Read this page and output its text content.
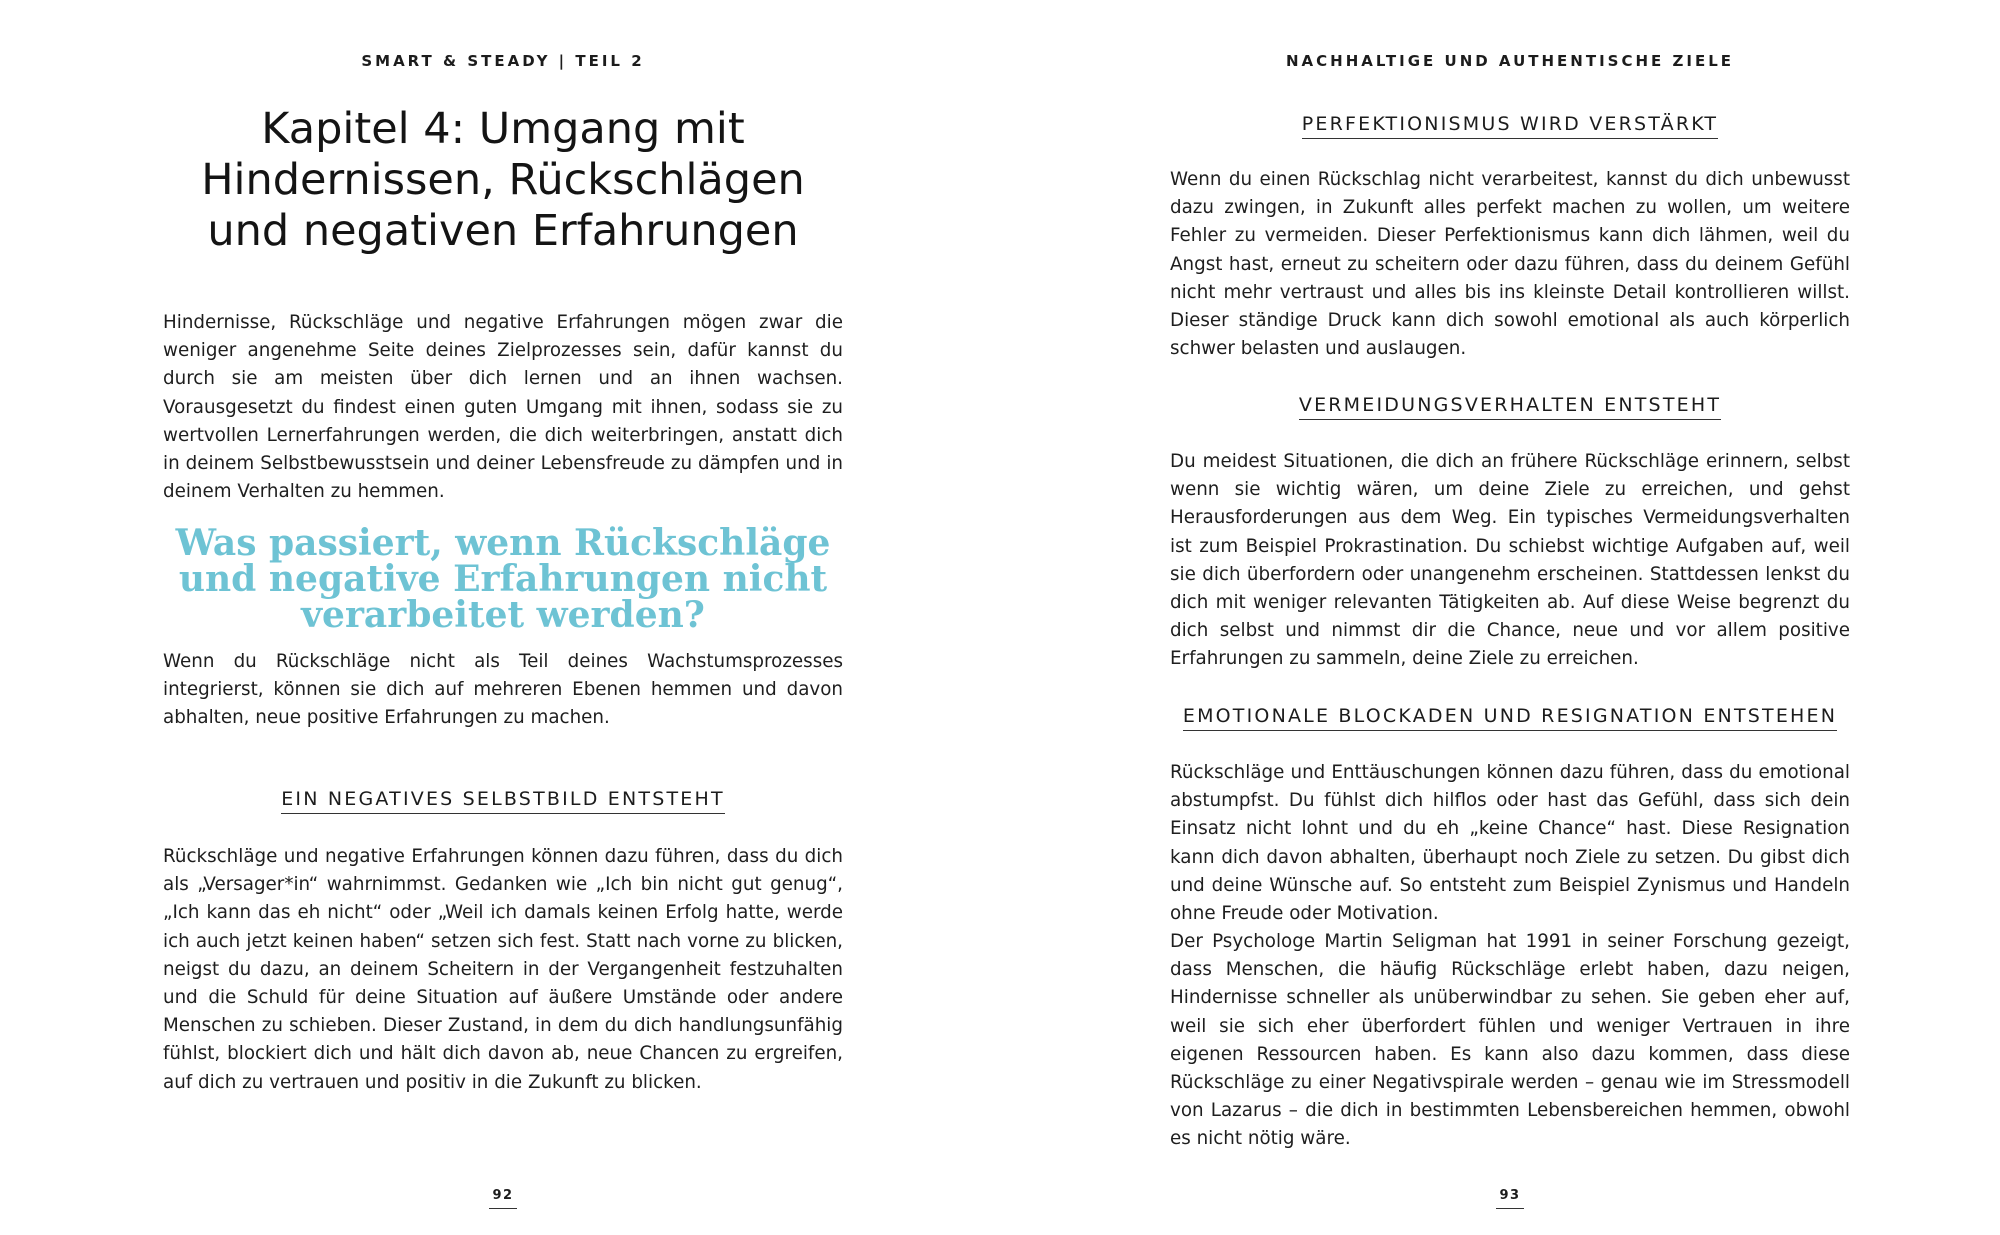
SMART & STEADY | TEIL 2
Kapitel 4: Umgang mit
Hindernissen, Rückschlägen
und negativen Erfahrungen

Hindernisse, Rückschläge und negative Erfahrungen mögen zwar die weniger angenehme Seite deines Zielprozesses sein, dafür kannst du durch sie am meisten über dich lernen und an ihnen wachsen. Vorausgesetzt du findest einen guten Umgang mit ihnen, sodass sie zu wertvollen Lernerfahrungen werden, die dich weiterbringen, anstatt dich in deinem Selbstbewusstsein und deiner Lebensfreude zu dämpfen und in deinem Verhalten zu hemmen.

Was passiert, wenn Rückschläge
und negative Erfahrungen nicht
verarbeitet werden?

Wenn du Rückschläge nicht als Teil deines Wachstumsprozesses integrierst, können sie dich auf mehreren Ebenen hemmen und davon abhalten, neue positive Erfahrungen zu machen.

EIN NEGATIVES SELBSTBILD ENTSTEHT

Rückschläge und negative Erfahrungen können dazu führen, dass du dich als „Versager*in“ wahrnimmst. Gedanken wie „Ich bin nicht gut genug“, „Ich kann das eh nicht“ oder „Weil ich damals keinen Erfolg hatte, werde ich auch jetzt keinen haben“ setzen sich fest. Statt nach vorne zu blicken, neigst du dazu, an deinem Scheitern in der Vergangenheit festzuhalten und die Schuld für deine Situation auf äußere Umstände oder andere Menschen zu schieben. Dieser Zustand, in dem du dich handlungsunfähig fühlst, blockiert dich und hält dich davon ab, neue Chancen zu ergreifen, auf dich zu vertrauen und positiv in die Zukunft zu blicken.

92
NACHHALTIGE UND AUTHENTISCHE ZIELE
PERFEKTIONISMUS WIRD VERSTÄRKT

Wenn du einen Rückschlag nicht verarbeitest, kannst du dich unbewusst dazu zwingen, in Zukunft alles perfekt machen zu wollen, um weitere Fehler zu vermeiden. Dieser Perfektionismus kann dich lähmen, weil du Angst hast, erneut zu scheitern oder dazu führen, dass du deinem Gefühl nicht mehr vertraust und alles bis ins kleinste Detail kontrollieren willst. Dieser ständige Druck kann dich sowohl emotional als auch körperlich schwer belasten und auslaugen.

VERMEIDUNGSVERHALTEN ENTSTEHT

Du meidest Situationen, die dich an frühere Rückschläge erinnern, selbst wenn sie wichtig wären, um deine Ziele zu erreichen, und gehst Herausforderungen aus dem Weg. Ein typisches Vermeidungsverhalten ist zum Beispiel Prokrastination. Du schiebst wichtige Aufgaben auf, weil sie dich überfordern oder unangenehm erscheinen. Stattdessen lenkst du dich mit weniger relevanten Tätigkeiten ab. Auf diese Weise begrenzt du dich selbst und nimmst dir die Chance, neue und vor allem positive Erfahrungen zu sammeln, deine Ziele zu erreichen.

EMOTIONALE BLOCKADEN UND RESIGNATION ENTSTEHEN

Rückschläge und Enttäuschungen können dazu führen, dass du emotional abstumpfst. Du fühlst dich hilflos oder hast das Gefühl, dass sich dein Einsatz nicht lohnt und du eh „keine Chance“ hast. Diese Resignation kann dich davon abhalten, überhaupt noch Ziele zu setzen. Du gibst dich und deine Wünsche auf. So entsteht zum Beispiel Zynismus und Handeln ohne Freude oder Motivation.

Der Psychologe Martin Seligman hat 1991 in seiner Forschung gezeigt, dass Menschen, die häufig Rückschläge erlebt haben, dazu neigen, Hindernisse schneller als unüberwindbar zu sehen. Sie geben eher auf, weil sie sich eher überfordert fühlen und weniger Vertrauen in ihre eigenen Ressourcen haben. Es kann also dazu kommen, dass diese Rückschläge zu einer Negativspirale werden – genau wie im Stressmodell von Lazarus – die dich in bestimmten Lebensbereichen hemmen, obwohl es nicht nötig wäre.

93
